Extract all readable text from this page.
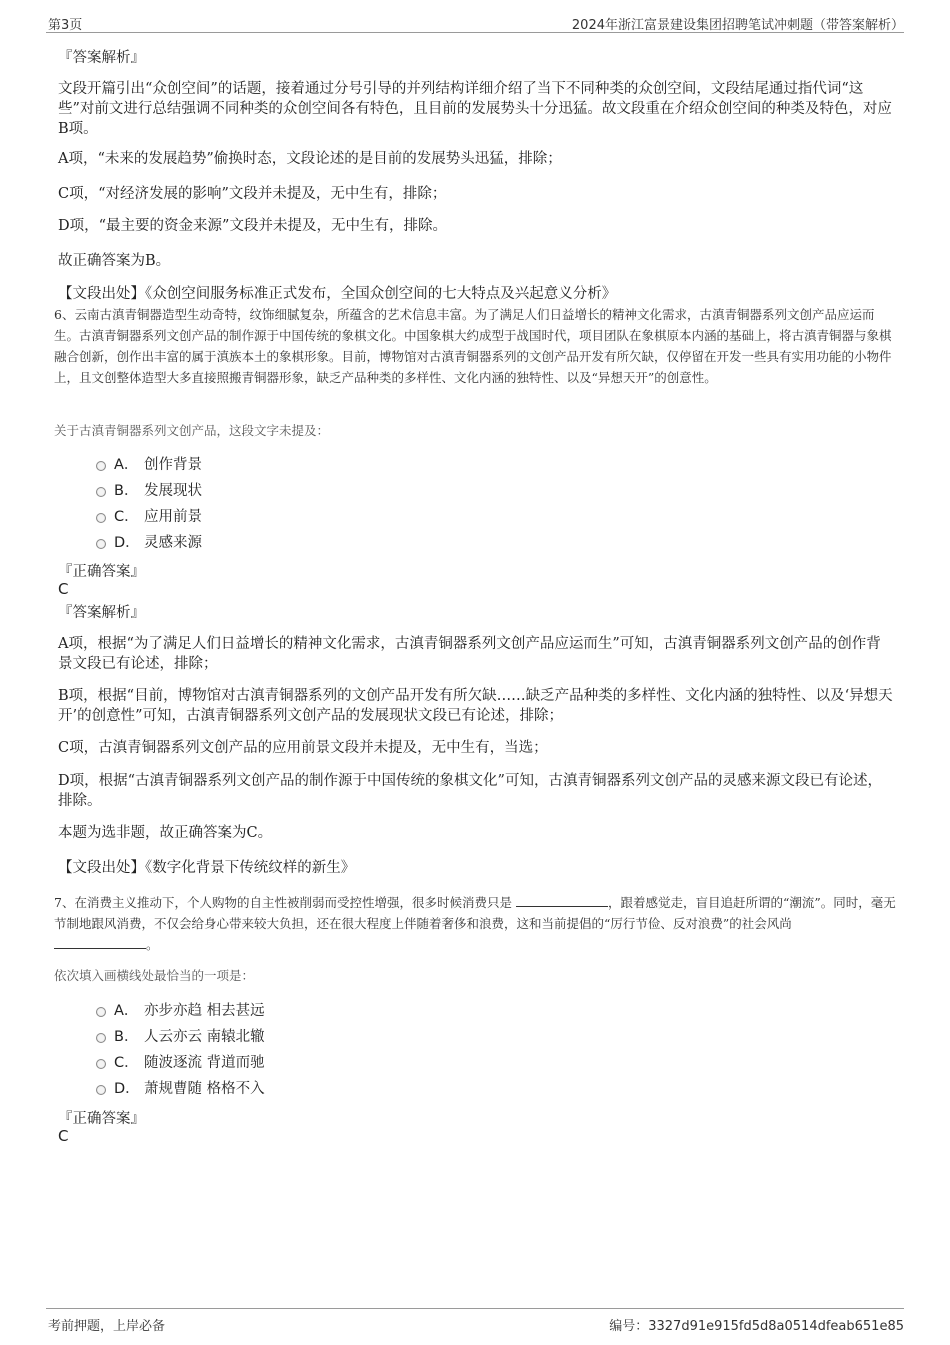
第3页	2024年浙江富景建设集团招聘笔试冲刺题（带答案解析）

『答案解析』

文段开篇引出“众创空间”的话题，接着通过分号引导的并列结构详细介绍了当下不同种类的众创空间，文段结尾通过指代词“这些”对前文进行总结强调不同种类的众创空间各有特色，且目前的发展势头十分迅猛。故文段重在介绍众创空间的种类及特色，对应B项。

A项，“未来的发展趋势”偷换时态，文段论述的是目前的发展势头迅猛，排除；

C项，“对经济发展的影响”文段并未提及，无中生有，排除；

D项，“最主要的资金来源”文段并未提及，无中生有，排除。

故正确答案为B。

【文段出处】《众创空间服务标准正式发布，全国众创空间的七大特点及兴起意义分析》

6、云南古滇青铜器造型生动奇特，纹饰细腻复杂，所蕴含的艺术信息丰富。为了满足人们日益增长的精神文化需求，古滇青铜器系列文创产品应运而生。古滇青铜器系列文创产品的制作源于中国传统的象棋文化。中国象棋大约成型于战国时代，项目团队在象棋原本内涵的基础上，将古滇青铜器与象棋融合创新，创作出丰富的属于滇族本土的象棋形象。目前，博物馆对古滇青铜器系列的文创产品开发有所欠缺，仅停留在开发一些具有实用功能的小物件上，且文创整体造型大多直接照搬青铜器形象，缺乏产品种类的多样性、文化内涵的独特性、以及“异想天开”的创意性。

关于古滇青铜器系列文创产品，这段文字未提及：

A． 创作背景
B． 发展现状
C． 应用前景
D． 灵感来源

『正确答案』

C

『答案解析』

A项，根据“为了满足人们日益增长的精神文化需求，古滇青铜器系列文创产品应运而生”可知，古滇青铜器系列文创产品的创作背景文段已有论述，排除；

B项，根据“目前，博物馆对古滇青铜器系列的文创产品开发有所欠缺……缺乏产品种类的多样性、文化内涵的独特性、以及‘异想天开’的创意性”可知，古滇青铜器系列文创产品的发展现状文段已有论述，排除；

C项，古滇青铜器系列文创产品的应用前景文段并未提及，无中生有，当选；

D项，根据“古滇青铜器系列文创产品的制作源于中国传统的象棋文化”可知，古滇青铜器系列文创产品的灵感来源文段已有论述，排除。

本题为选非题，故正确答案为C。

【文段出处】《数字化背景下传统纹样的新生》

7、在消费主义推动下，个人购物的自主性被削弱而受控性增强，很多时候消费只是	，跟着感觉走，盲目追赶所谓的“潮流”。同时，毫无节制地跟风消费，不仅会给身心带来较大负担，还在很大程度上伴随着奢侈和浪费，这和当前提倡的“厉行节俭、反对浪费”的社会风尚
。

依次填入画横线处最恰当的一项是：

A． 亦步亦趋 相去甚远
B． 人云亦云 南辕北辙
C． 随波逐流 背道而驰
D． 萧规曹随 格格不入

『正确答案』

C

考前押题，上岸必备	编号：3327d91e915fd5d8a0514dfeab651e85
